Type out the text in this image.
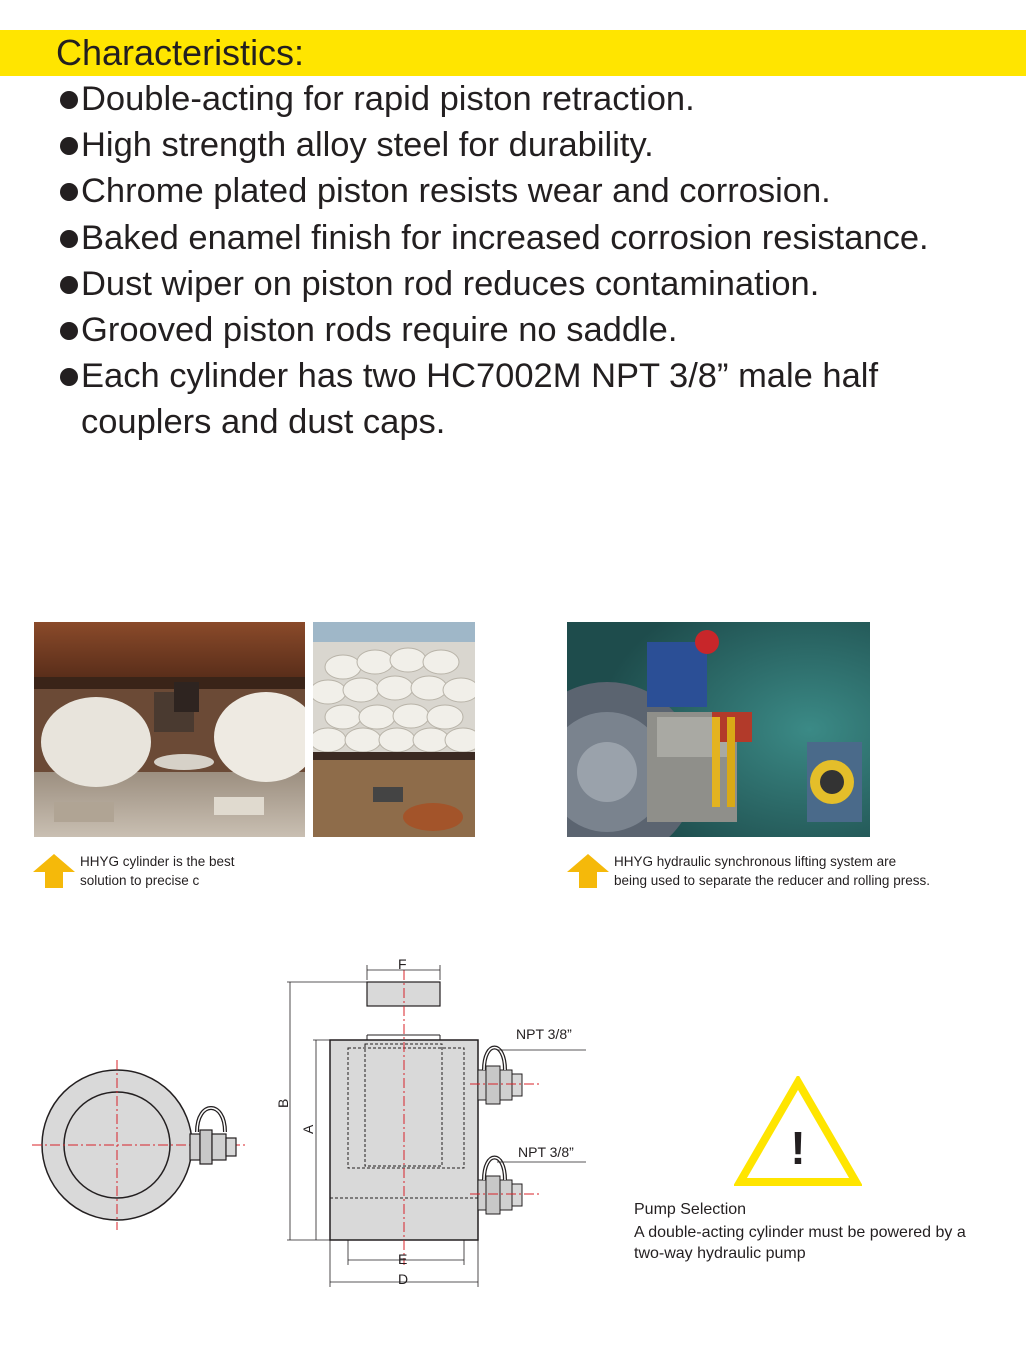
Characteristics:
Double-acting for rapid piston retraction.
High strength alloy steel for durability.
Chrome plated piston resists wear and corrosion.
Baked enamel finish for increased corrosion resistance.
Dust wiper on piston rod reduces contamination.
Grooved piston rods require no saddle.
Each cylinder has two HC7002M NPT 3/8” male half
couplers and dust caps.
HHYG cylinder is the best
solution to precise c
HHYG hydraulic synchronous lifting system are
being used to separate the reducer and rolling press.
F
B
A
E
D
NPT 3/8”
NPT 3/8”	!
Pump Selection
A double-acting cylinder must be powered by a
two-way hydraulic pump
